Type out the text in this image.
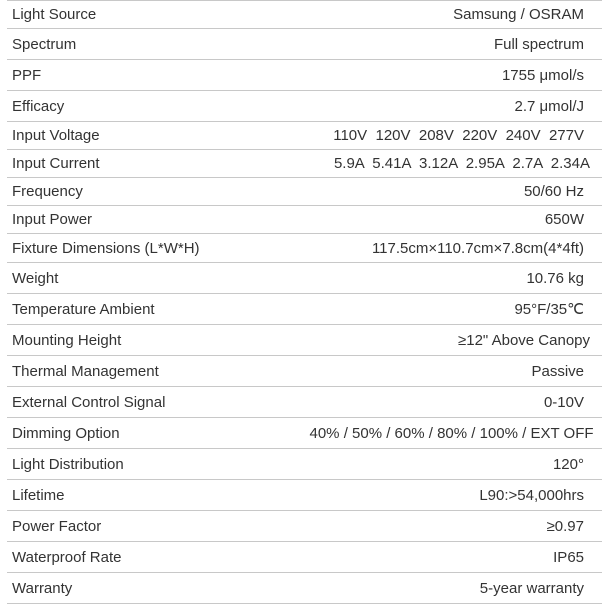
Light Source	Samsung / OSRAM
Spectrum	Full spectrum
PPF	1755 μmol/s
Efficacy	2.7 μmol/J
Input Voltage	110V  120V  208V  220V  240V  277V
Input Current	5.9A  5.41A  3.12A  2.95A  2.7A  2.34A
Frequency	50/60 Hz
Input Power	650W
Fixture Dimensions (L*W*H)	117.5cm×110.7cm×7.8cm(4*4ft)
Weight	10.76 kg
Temperature Ambient	95°F/35℃
Mounting Height	≥12" Above Canopy
Thermal Management	Passive
External Control Signal	0-10V
Dimming Option	40% / 50% / 60% / 80% / 100% / EXT OFF
Light Distribution	120°
Lifetime	L90:>54,000hrs
Power Factor	≥0.97
Waterproof Rate	IP65
Warranty	5-year warranty
